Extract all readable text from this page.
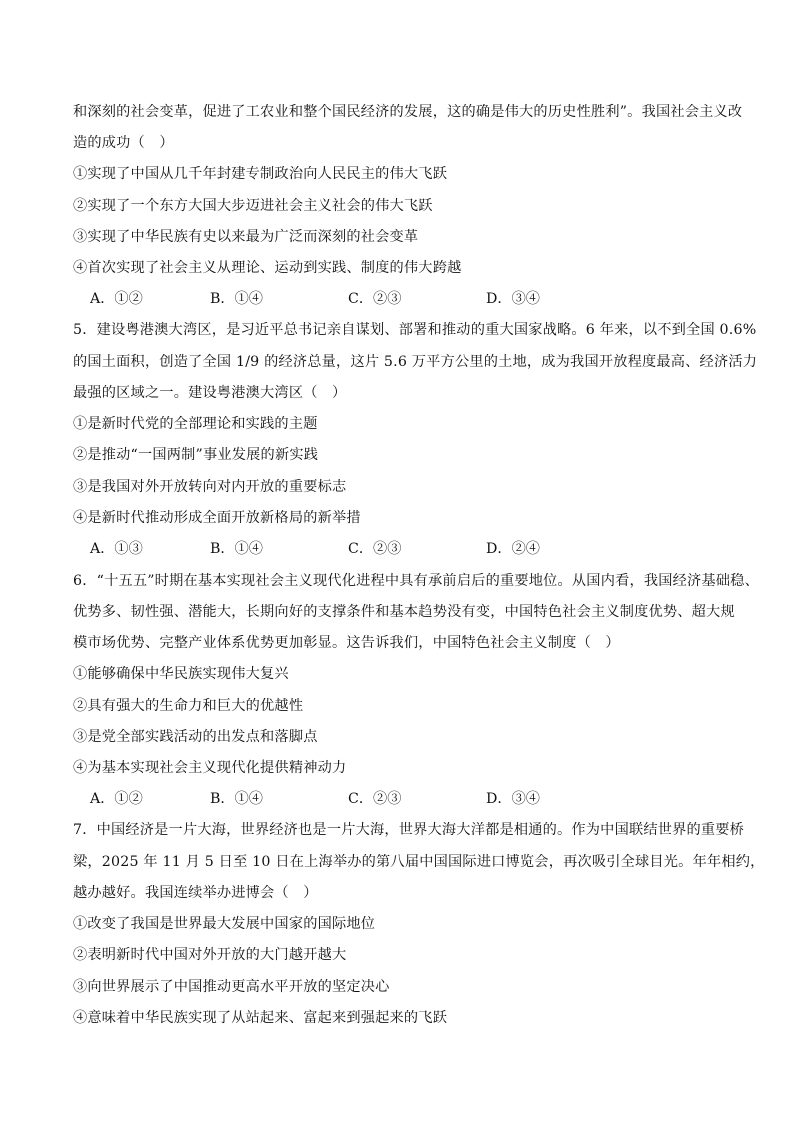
和深刻的社会变革，促进了工农业和整个国民经济的发展，这的确是伟大的历史性胜利”。我国社会主义改
造的成功（　）
①实现了中国从几千年封建专制政治向人民民主的伟大飞跃
②实现了一个东方大国大步迈进社会主义社会的伟大飞跃
③实现了中华民族有史以来最为广泛而深刻的社会变革
④首次实现了社会主义从理论、运动到实践、制度的伟大跨越
A．①②	B．①④	C．②③	D．③④
5．建设粤港澳大湾区，是习近平总书记亲自谋划、部署和推动的重大国家战略。6 年来，以不到全国 0.6%
的国土面积，创造了全国 1/9 的经济总量，这片 5.6 万平方公里的土地，成为我国开放程度最高、经济活力
最强的区域之一。建设粤港澳大湾区（　）
①是新时代党的全部理论和实践的主题
②是推动“一国两制”事业发展的新实践
③是我国对外开放转向对内开放的重要标志
④是新时代推动形成全面开放新格局的新举措
A．①③	B．①④	C．②③	D．②④
6．“十五五”时期在基本实现社会主义现代化进程中具有承前启后的重要地位。从国内看，我国经济基础稳、
优势多、韧性强、潜能大，长期向好的支撑条件和基本趋势没有变，中国特色社会主义制度优势、超大规
模市场优势、完整产业体系优势更加彰显。这告诉我们，中国特色社会主义制度（　）
①能够确保中华民族实现伟大复兴
②具有强大的生命力和巨大的优越性
③是党全部实践活动的出发点和落脚点
④为基本实现社会主义现代化提供精神动力
A．①②	B．①④	C．②③	D．③④
7．中国经济是一片大海，世界经济也是一片大海，世界大海大洋都是相通的。作为中国联结世界的重要桥
梁，2025 年 11 月 5 日至 10 日在上海举办的第八届中国国际进口博览会，再次吸引全球目光。年年相约，
越办越好。我国连续举办进博会（　）
①改变了我国是世界最大发展中国家的国际地位
②表明新时代中国对外开放的大门越开越大
③向世界展示了中国推动更高水平开放的坚定决心
④意味着中华民族实现了从站起来、富起来到强起来的飞跃
